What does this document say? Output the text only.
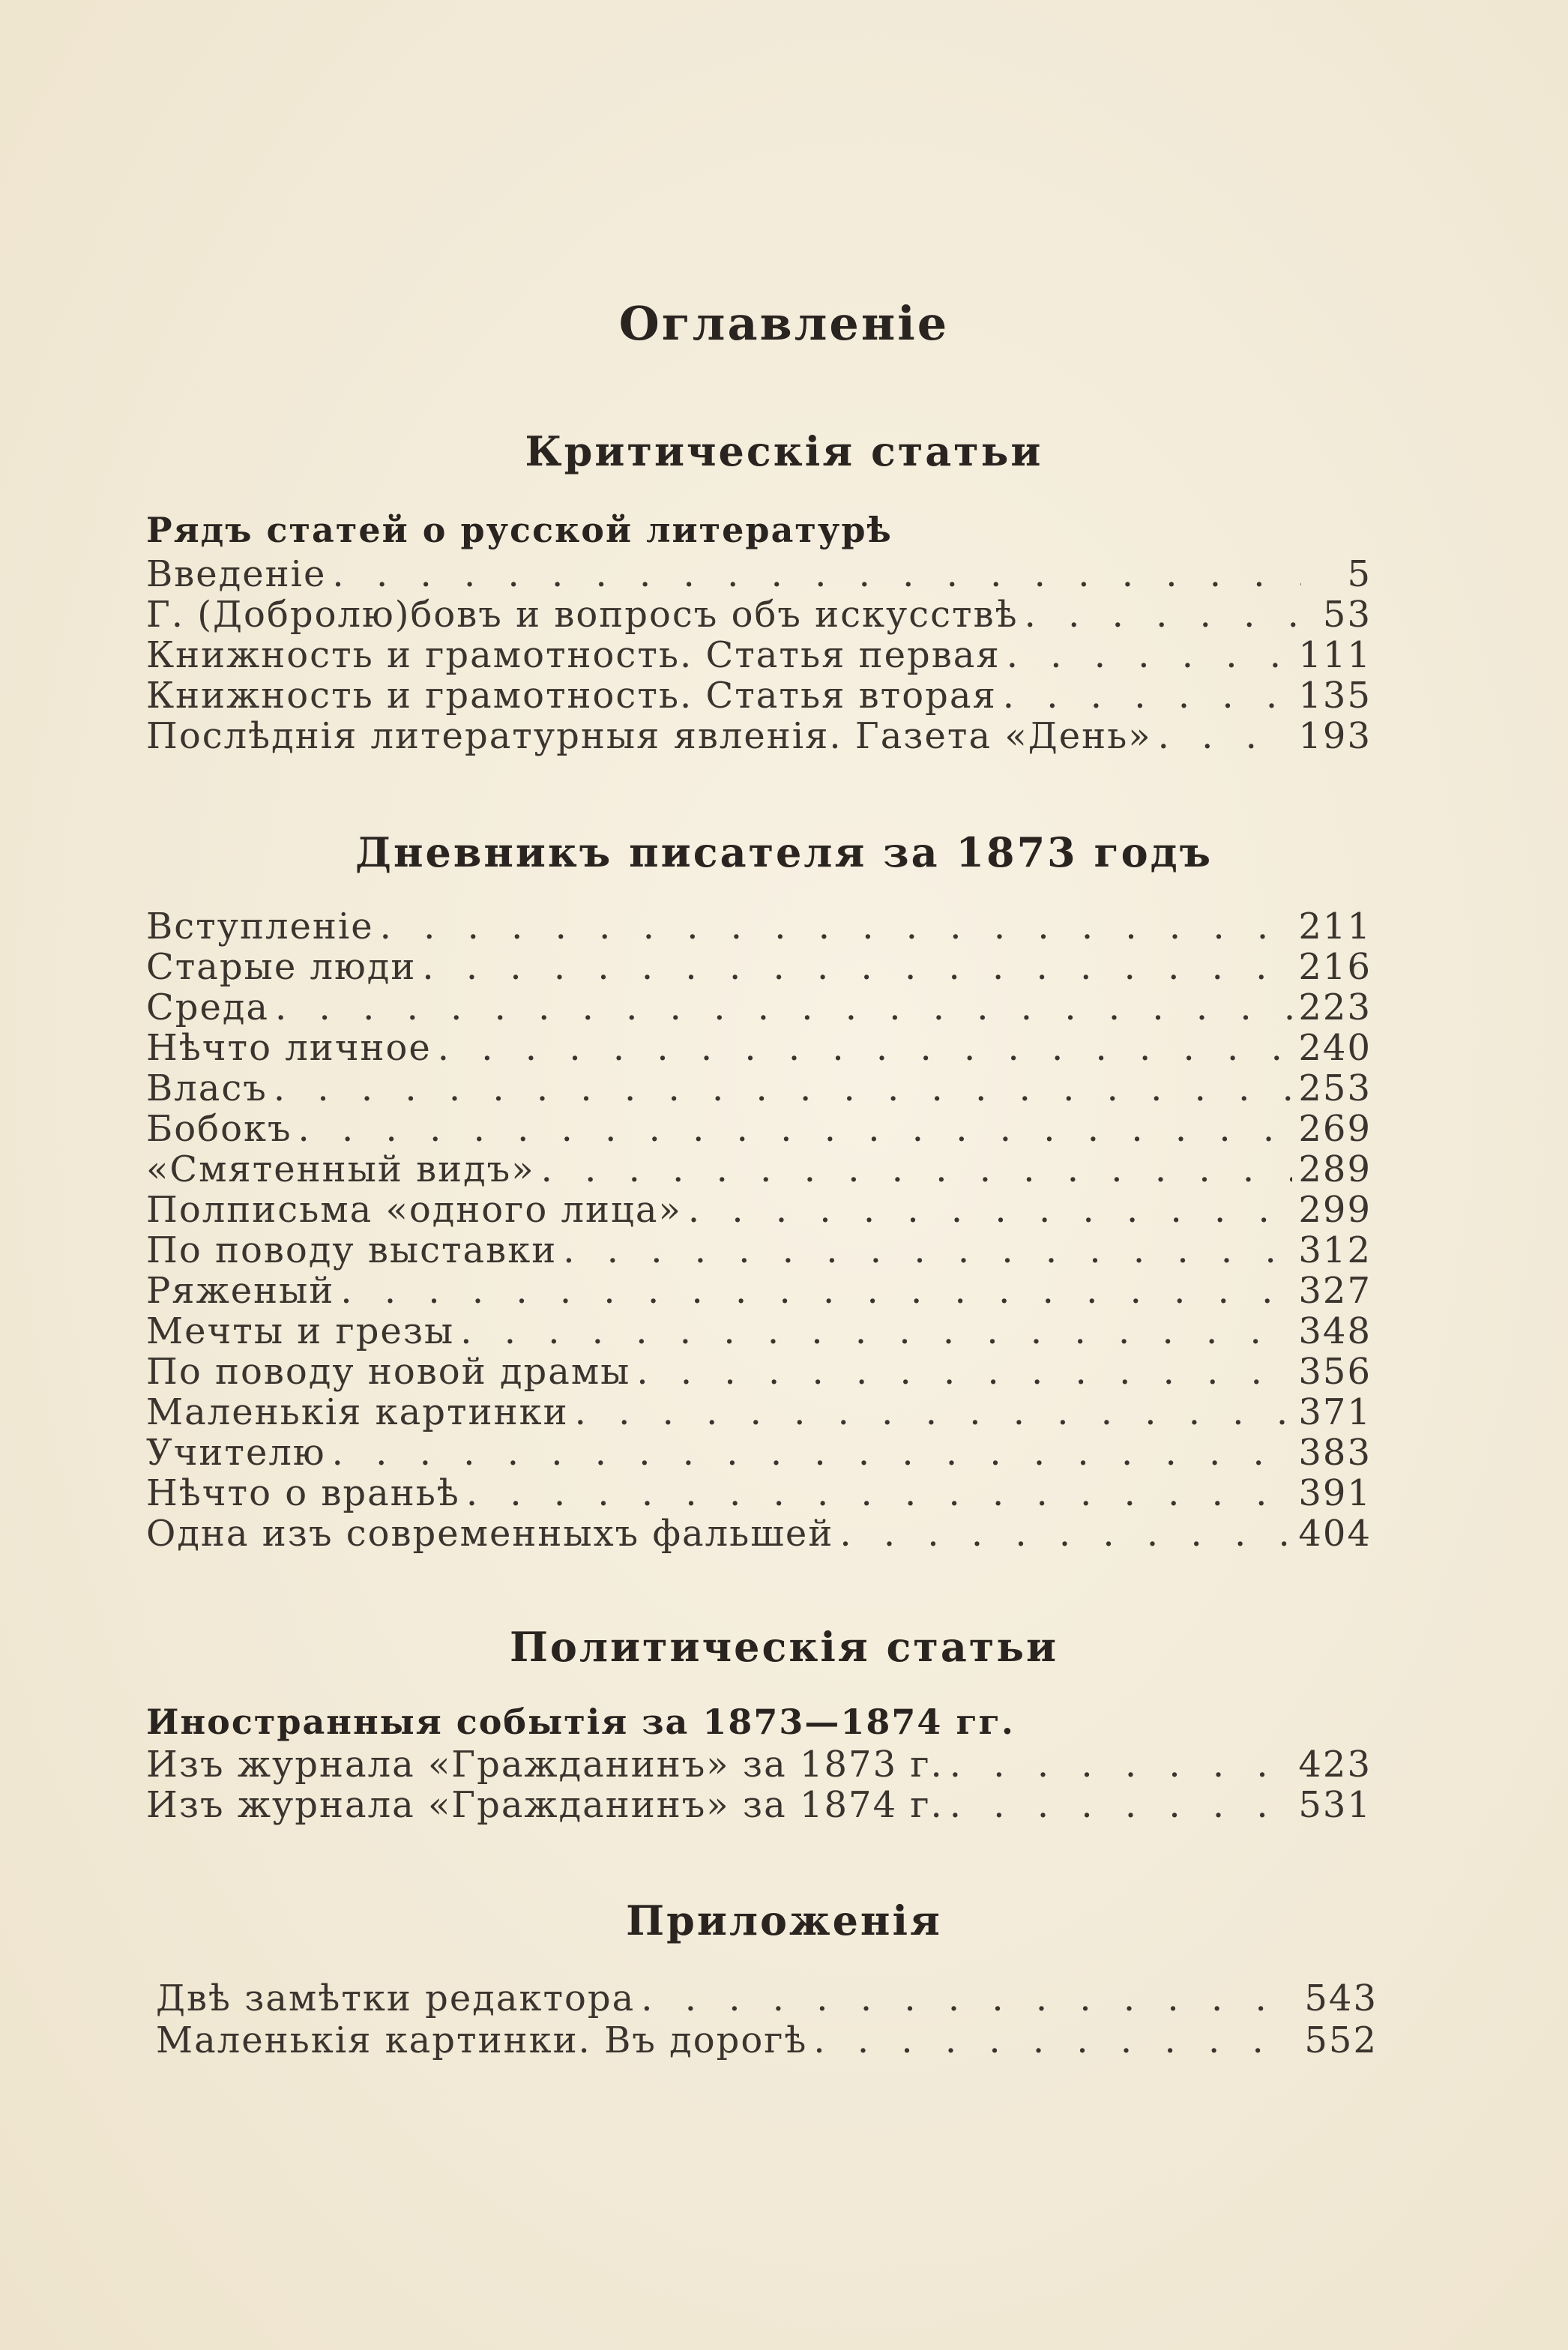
Оглавленіе
Критическія статьи
Рядъ статей о русской литературѣ
Введеніе . . .	5
Г. (Добролю)бовъ и вопросъ объ искусствѣ . . .	53
Книжность и грамотность. Статья первая . . .	111
Книжность и грамотность. Статья вторая . . .	135
Послѣднія литературныя явленія. Газета «День» . . .	193
Дневникъ писателя за 1873 годъ
Вступленіе . . .	211
Старые люди . . .	216
Среда . . .	223
Нѣчто личное . . .	240
Власъ . . .	253
Бобокъ . . .	269
«Смятенный видъ» . . .	289
Полписьма «одного лица» . . .	299
По поводу выставки . . .	312
Ряженый . . .	327
Мечты и грезы . . .	348
По поводу новой драмы . . .	356
Маленькія картинки . . .	371
Учителю . . .	383
Нѣчто о враньѣ . . .	391
Одна изъ современныхъ фальшей . . .	404
Политическія статьи
Иностранныя событія за 1873—1874 гг.
Изъ журнала «Гражданинъ» за 1873 г. . . .	423
Изъ журнала «Гражданинъ» за 1874 г. . . .	531
Приложенія
Двѣ замѣтки редактора . . .	543
Маленькія картинки. Въ дорогѣ . . .	552
